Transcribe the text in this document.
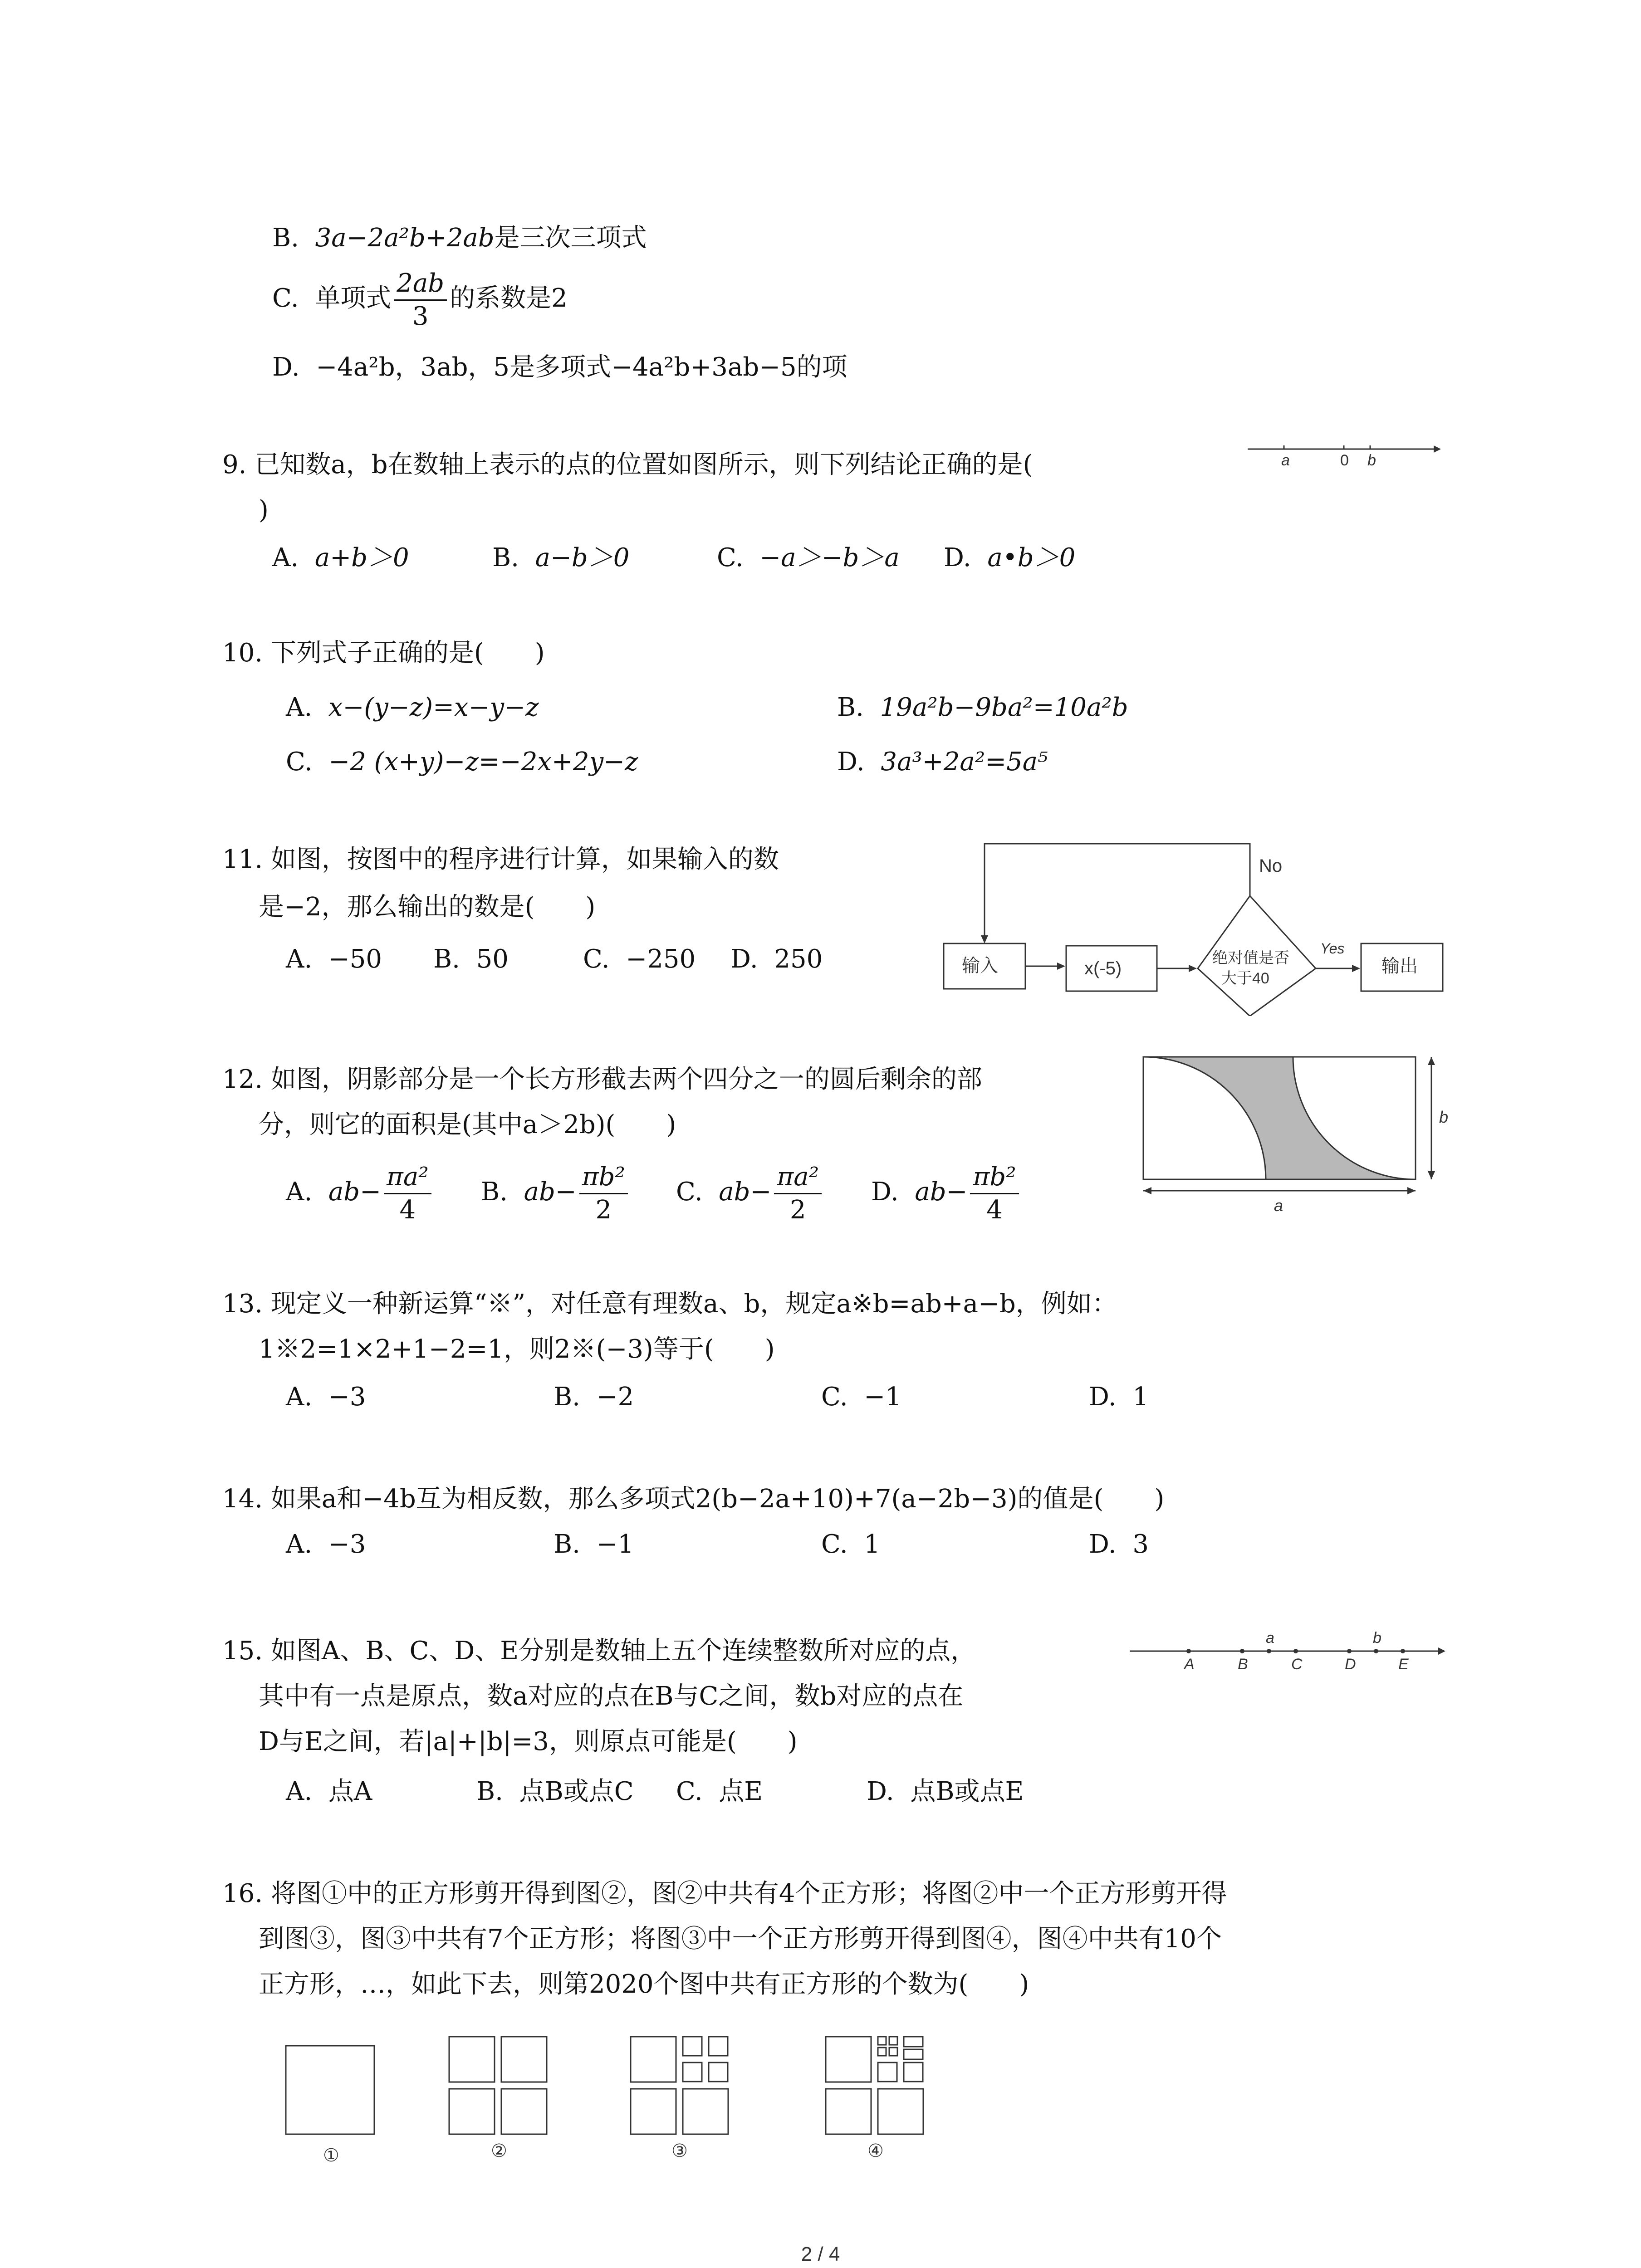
B. 3a−2a²b+2ab是三次三项式
C. 单项式 $\frac{2ab}{3}$ 的系数是2
D. −4a²b，3ab，5是多项式−4a²b+3ab−5的项
9. 已知数a，b在数轴上表示的点的位置如图所示，则下列结论正确的是(
)
A. a+b＞0	B. a−b＞0	C. −a＞−b＞a D. a•b＞0
a	0 b
10. 下列式子正确的是(　　)
A. x−(y−z)=x−y−z	B. 19a²b−9ba²=10a²b
C. −2 (x+y)−z=−2x+2y−z	D. 3a³+2a²=5a⁵
11. 如图，按图中的程序进行计算，如果输入的数
是−2，那么输出的数是(　　)
A. −50 B. 50	C. −250 D. 250
No
输入	x(-5)
绝对值是否
大于40
Yes
输出
12. 如图，阴影部分是一个长方形截去两个四分之一的圆后剩余的部
分，则它的面积是(其中a＞2b)(　　)
A. $ab- \frac{\text{πa²}}{4} B$. $ab- \frac{\text{πb²}}{2} C$. $ab- \frac{\text{πa²}}{2} D$. $ab- \frac{\text{πb²}}{4}$
b
a
13. 现定义一种新运算“※”，对任意有理数a、b，规定a※b=ab+a−b，例如：
1※2=1×2+1−2=1，则2※(−3)等于(　　)
A. −3	B. −2	C. −1	D. 1
14. 如果a和−4b互为相反数，那么多项式2(b−2a+10)+7(a−2b−3)的值是(　　)
A. −3	B. −1	C. 1	D. 3
15. 如图A、B、C、D、E分别是数轴上五个连续整数所对应的点，
其中有一点是原点，数a对应的点在B与C之间，数b对应的点在
D与E之间，若|a|+|b|=3，则原点可能是(　　)
A. 点A	B. 点B或点C C. 点E	D. 点B或点E
A	B	C	D	E
a	b
16. 将图①中的正方形剪开得到图②，图②中共有4个正方形；将图②中一个正方形剪开得
到图③，图③中共有7个正方形；将图③中一个正方形剪开得到图④，图④中共有10个
正方形，…，如此下去，则第2020个图中共有正方形的个数为(　　)
①	②	③	④
2 / 4
